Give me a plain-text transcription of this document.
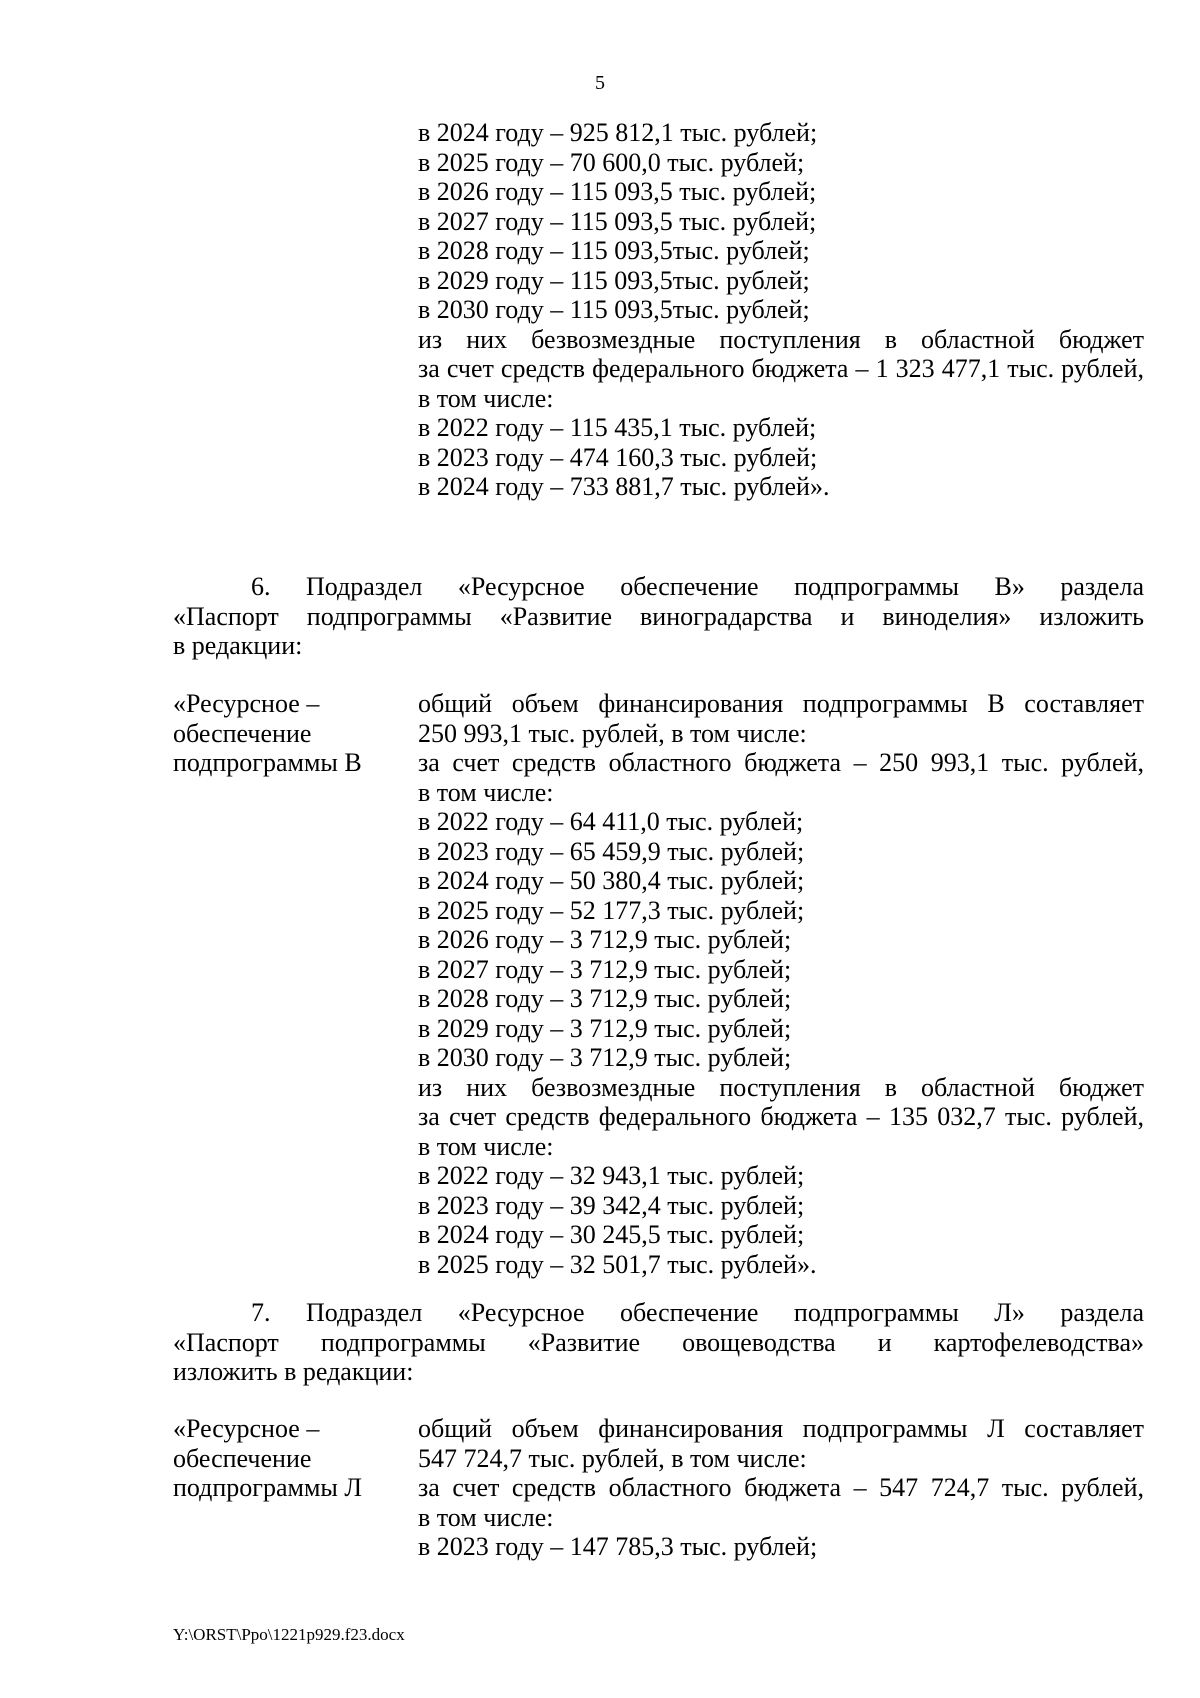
5
в 2024 году – 925 812,1 тыс. рублей;
в 2025 году – 70 600,0 тыс. рублей;
в 2026 году – 115 093,5 тыс. рублей;
в 2027 году – 115 093,5 тыс. рублей;
в 2028 году – 115 093,5тыс. рублей;
в 2029 году – 115 093,5тыс. рублей;
в 2030 году – 115 093,5тыс. рублей;
из них безвозмездные поступления в областной бюджет
за счет средств федерального бюджета – 1 323 477,1 тыс. рублей,
в том числе:
в 2022 году – 115 435,1 тыс. рублей;
в 2023 году – 474 160,3 тыс. рублей;
в 2024 году – 733 881,7 тыс. рублей».
6. Подраздел «Ресурсное обеспечение подпрограммы В» раздела
«Паспорт подпрограммы «Развитие виноградарства и виноделия» изложить
в редакции:
«Ресурсное –
обеспечение
подпрограммы В
общий объем финансирования подпрограммы В составляет
250 993,1 тыс. рублей, в том числе:
за счет средств областного бюджета – 250 993,1 тыс. рублей,
в том числе:
в 2022 году – 64 411,0 тыс. рублей;
в 2023 году – 65 459,9 тыс. рублей;
в 2024 году – 50 380,4 тыс. рублей;
в 2025 году – 52 177,3 тыс. рублей;
в 2026 году – 3 712,9 тыс. рублей;
в 2027 году – 3 712,9 тыс. рублей;
в 2028 году – 3 712,9 тыс. рублей;
в 2029 году – 3 712,9 тыс. рублей;
в 2030 году – 3 712,9 тыс. рублей;
из них безвозмездные поступления в областной бюджет
за счет средств федерального бюджета – 135 032,7 тыс. рублей,
в том числе:
в 2022 году – 32 943,1 тыс. рублей;
в 2023 году – 39 342,4 тыс. рублей;
в 2024 году – 30 245,5 тыс. рублей;
в 2025 году – 32 501,7 тыс. рублей».
7. Подраздел «Ресурсное обеспечение подпрограммы Л» раздела
«Паспорт подпрограммы «Развитие овощеводства и картофелеводства»
изложить в редакции:
«Ресурсное –
обеспечение
подпрограммы Л
общий объем финансирования подпрограммы Л составляет
547 724,7 тыс. рублей, в том числе:
за счет средств областного бюджета – 547 724,7 тыс. рублей,
в том числе:
в 2023 году – 147 785,3 тыс. рублей;
Y:\ORST\Ppo\1221p929.f23.docx
